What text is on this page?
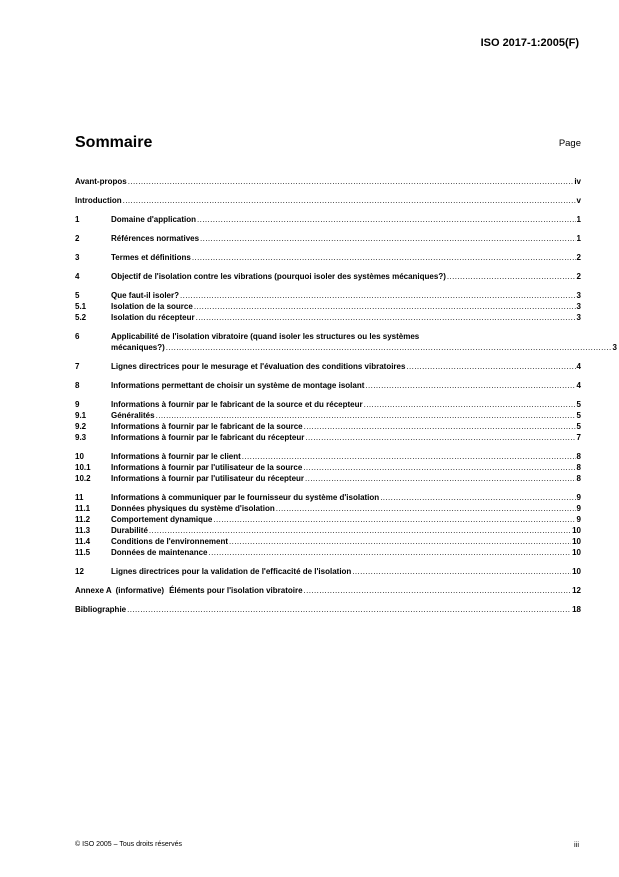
ISO 2017-1:2005(F)
Sommaire	Page
Avant-propos .....	iv
Introduction .....	v
1	Domaine d'application .....	1
2	Références normatives .....	1
3	Termes et définitions .....	2
4	Objectif de l'isolation contre les vibrations (pourquoi isoler des systèmes mécaniques?) .....	2
5	Que faut-il isoler? .....	3
5.1	Isolation de la source .....	3
5.2	Isolation du récepteur .....	3
6	Applicabilité de l'isolation vibratoire (quand isoler les structures ou les systèmes
mécaniques?) .....	3
7	Lignes directrices pour le mesurage et l'évaluation des conditions vibratoires .....	4
8	Informations permettant de choisir un système de montage isolant .....	4
9	Informations à fournir par le fabricant de la source et du récepteur .....	5
9.1	Généralités .....	5
9.2	Informations à fournir par le fabricant de la source .....	5
9.3	Informations à fournir par le fabricant du récepteur .....	7
10	Informations à fournir par le client .....	8
10.1	Informations à fournir par l'utilisateur de la source .....	8
10.2	Informations à fournir par l'utilisateur du récepteur .....	8
11	Informations à communiquer par le fournisseur du système d'isolation .....	9
11.1	Données physiques du système d'isolation .....	9
11.2	Comportement dynamique .....	9
11.3	Durabilité .....	10
11.4	Conditions de l'environnement .....	10
11.5	Données de maintenance .....	10
12	Lignes directrices pour la validation de l'efficacité de l'isolation .....	10
Annexe A (informative) Éléments pour l'isolation vibratoire .....	12
Bibliographie .....	18
© ISO 2005 – Tous droits réservés	iii
